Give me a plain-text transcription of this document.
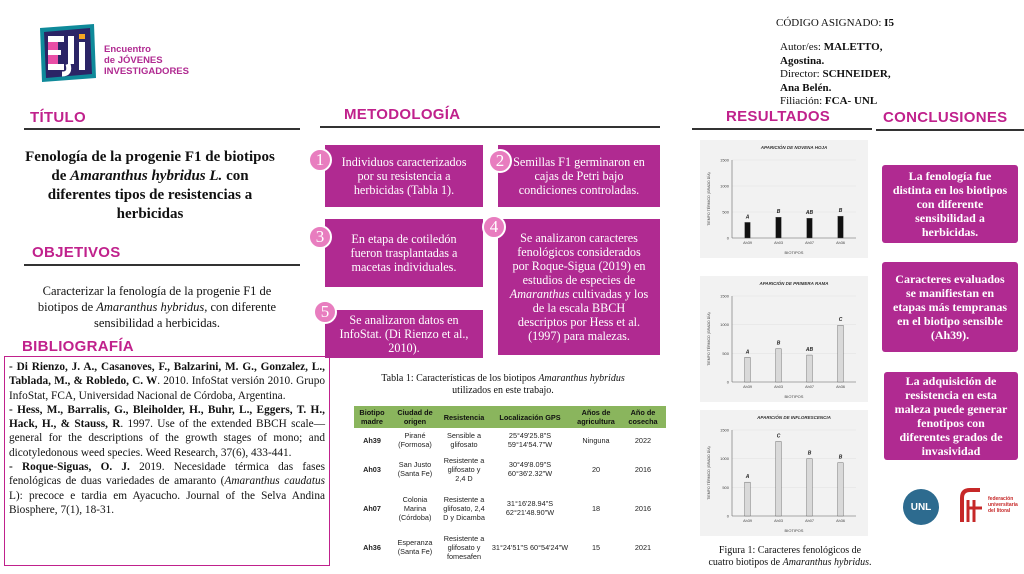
Encuentro
de JÓVENES
INVESTIGADORES
CÓDIGO ASIGNADO: I5
Autor/es: MALETTO,
Agostina.
Director: SCHNEIDER,
Ana Belén.
Filiación: FCA- UNL
TÍTULO
Fenología de la progenie F1 de biotipos
de Amaranthus hybridus L. con
diferentes tipos de resistencias a
herbicidas
OBJETIVOS
Caracterizar la fenología de la progenie F1 de
biotipos de Amaranthus hybridus, con diferente
sensibilidad a herbicidas.
BIBLIOGRAFÍA
- Di Rienzo, J. A., Casanoves, F., Balzarini, M. G., Gonzalez, L., Tablada, M., & Robledo, C. W. 2010. InfoStat versión 2010. Grupo InfoStat, FCA, Universidad Nacional de Córdoba, Argentina.
- Hess, M., Barralis, G., Bleiholder, H., Buhr, L., Eggers, T. H., Hack, H., & Stauss, R. 1997. Use of the extended BBCH scale—general for the descriptions of the growth stages of mono; and dicotyledonous weed species. Weed Research, 37(6), 433-441.
- Roque-Siguas, O. J. 2019. Necesidade térmica das fases fenológicas de duas variedades de amaranto (Amaranthus caudatus L): precoce e tardia em Ayacucho. Journal of the Selva Andina Biosphere, 7(1), 18-31.
METODOLOGÍA
Individuos caracterizados por su resistencia a herbicidas (Tabla 1).
1	Semillas F1 germinaron en cajas de Petri bajo condiciones controladas.
2
En etapa de cotiledón fueron trasplantadas a macetas individuales.
3	Se analizaron caracteres fenológicos considerados por Roque-Sigua (2019) en estudios de especies de Amaranthus cultivadas y los de la escala BBCH descriptos por Hess et al. (1997) para malezas.
4
Se analizaron datos en InfoStat. (Di Rienzo et al., 2010).
5
Tabla 1: Características de los biotipos Amaranthus hybridus
utilizados en este trabajo.
Biotipo madre	Ciudad de origen	Resistencia	Localización GPS	Años de agricultura	Año de cosecha
Ah39	Pirané (Formosa)	Sensible a glifosato	25°49'25.8"S 59°14'54.7"W	Ninguna	2022
Ah03	San Justo (Santa Fe)	Resistente a glifosato y 2,4 D	30°49'8.09"S 60°36'2.32"W	20	2016
Ah07	Colonia Marina (Córdoba)	Resistente a glifosato, 2,4 D y Dicamba	31°16'28.94"S 62°21'48.90"W	18	2016
Ah36	Esperanza (Santa Fe)	Resistente a glifosato y fomesafen	31°24'51"S 60°54'24"W	15	2021
RESULTADOS
APARICIÓN DE NOVENA HOJA
0
500
1000
1500
TIEMPO TÉRMICO (GRADO DÍA)
BIOTIPOS
A
Ah39
B
Ah03
AB
Ah07
B
Ah36
APARICIÓN DE PRIMERA RAMA
0
500
1000
1500
TIEMPO TÉRMICO (GRADO DÍA)
BIOTIPOS
A
Ah39
B
Ah03
AB
Ah07
C
Ah36
APARICIÓN DE INFLORESCENCIA
0
500
1000
1500
TIEMPO TÉRMICO (GRADO DÍA)
BIOTIPOS
A
Ah39
C
Ah03
B
Ah07
B
Ah36
Figura 1: Caracteres fenológicos de
cuatro biotipos de Amaranthus hybridus.
CONCLUSIONES
La fenología fue distinta en los biotipos con diferente sensibilidad a herbicidas.
Caracteres evaluados se manifiestan en etapas más tempranas en el biotipo sensible (Ah39).
La adquisición de resistencia en esta maleza puede generar fenotipos con diferentes grados de invasividad
UNL
federación
universitaria
del litoral
